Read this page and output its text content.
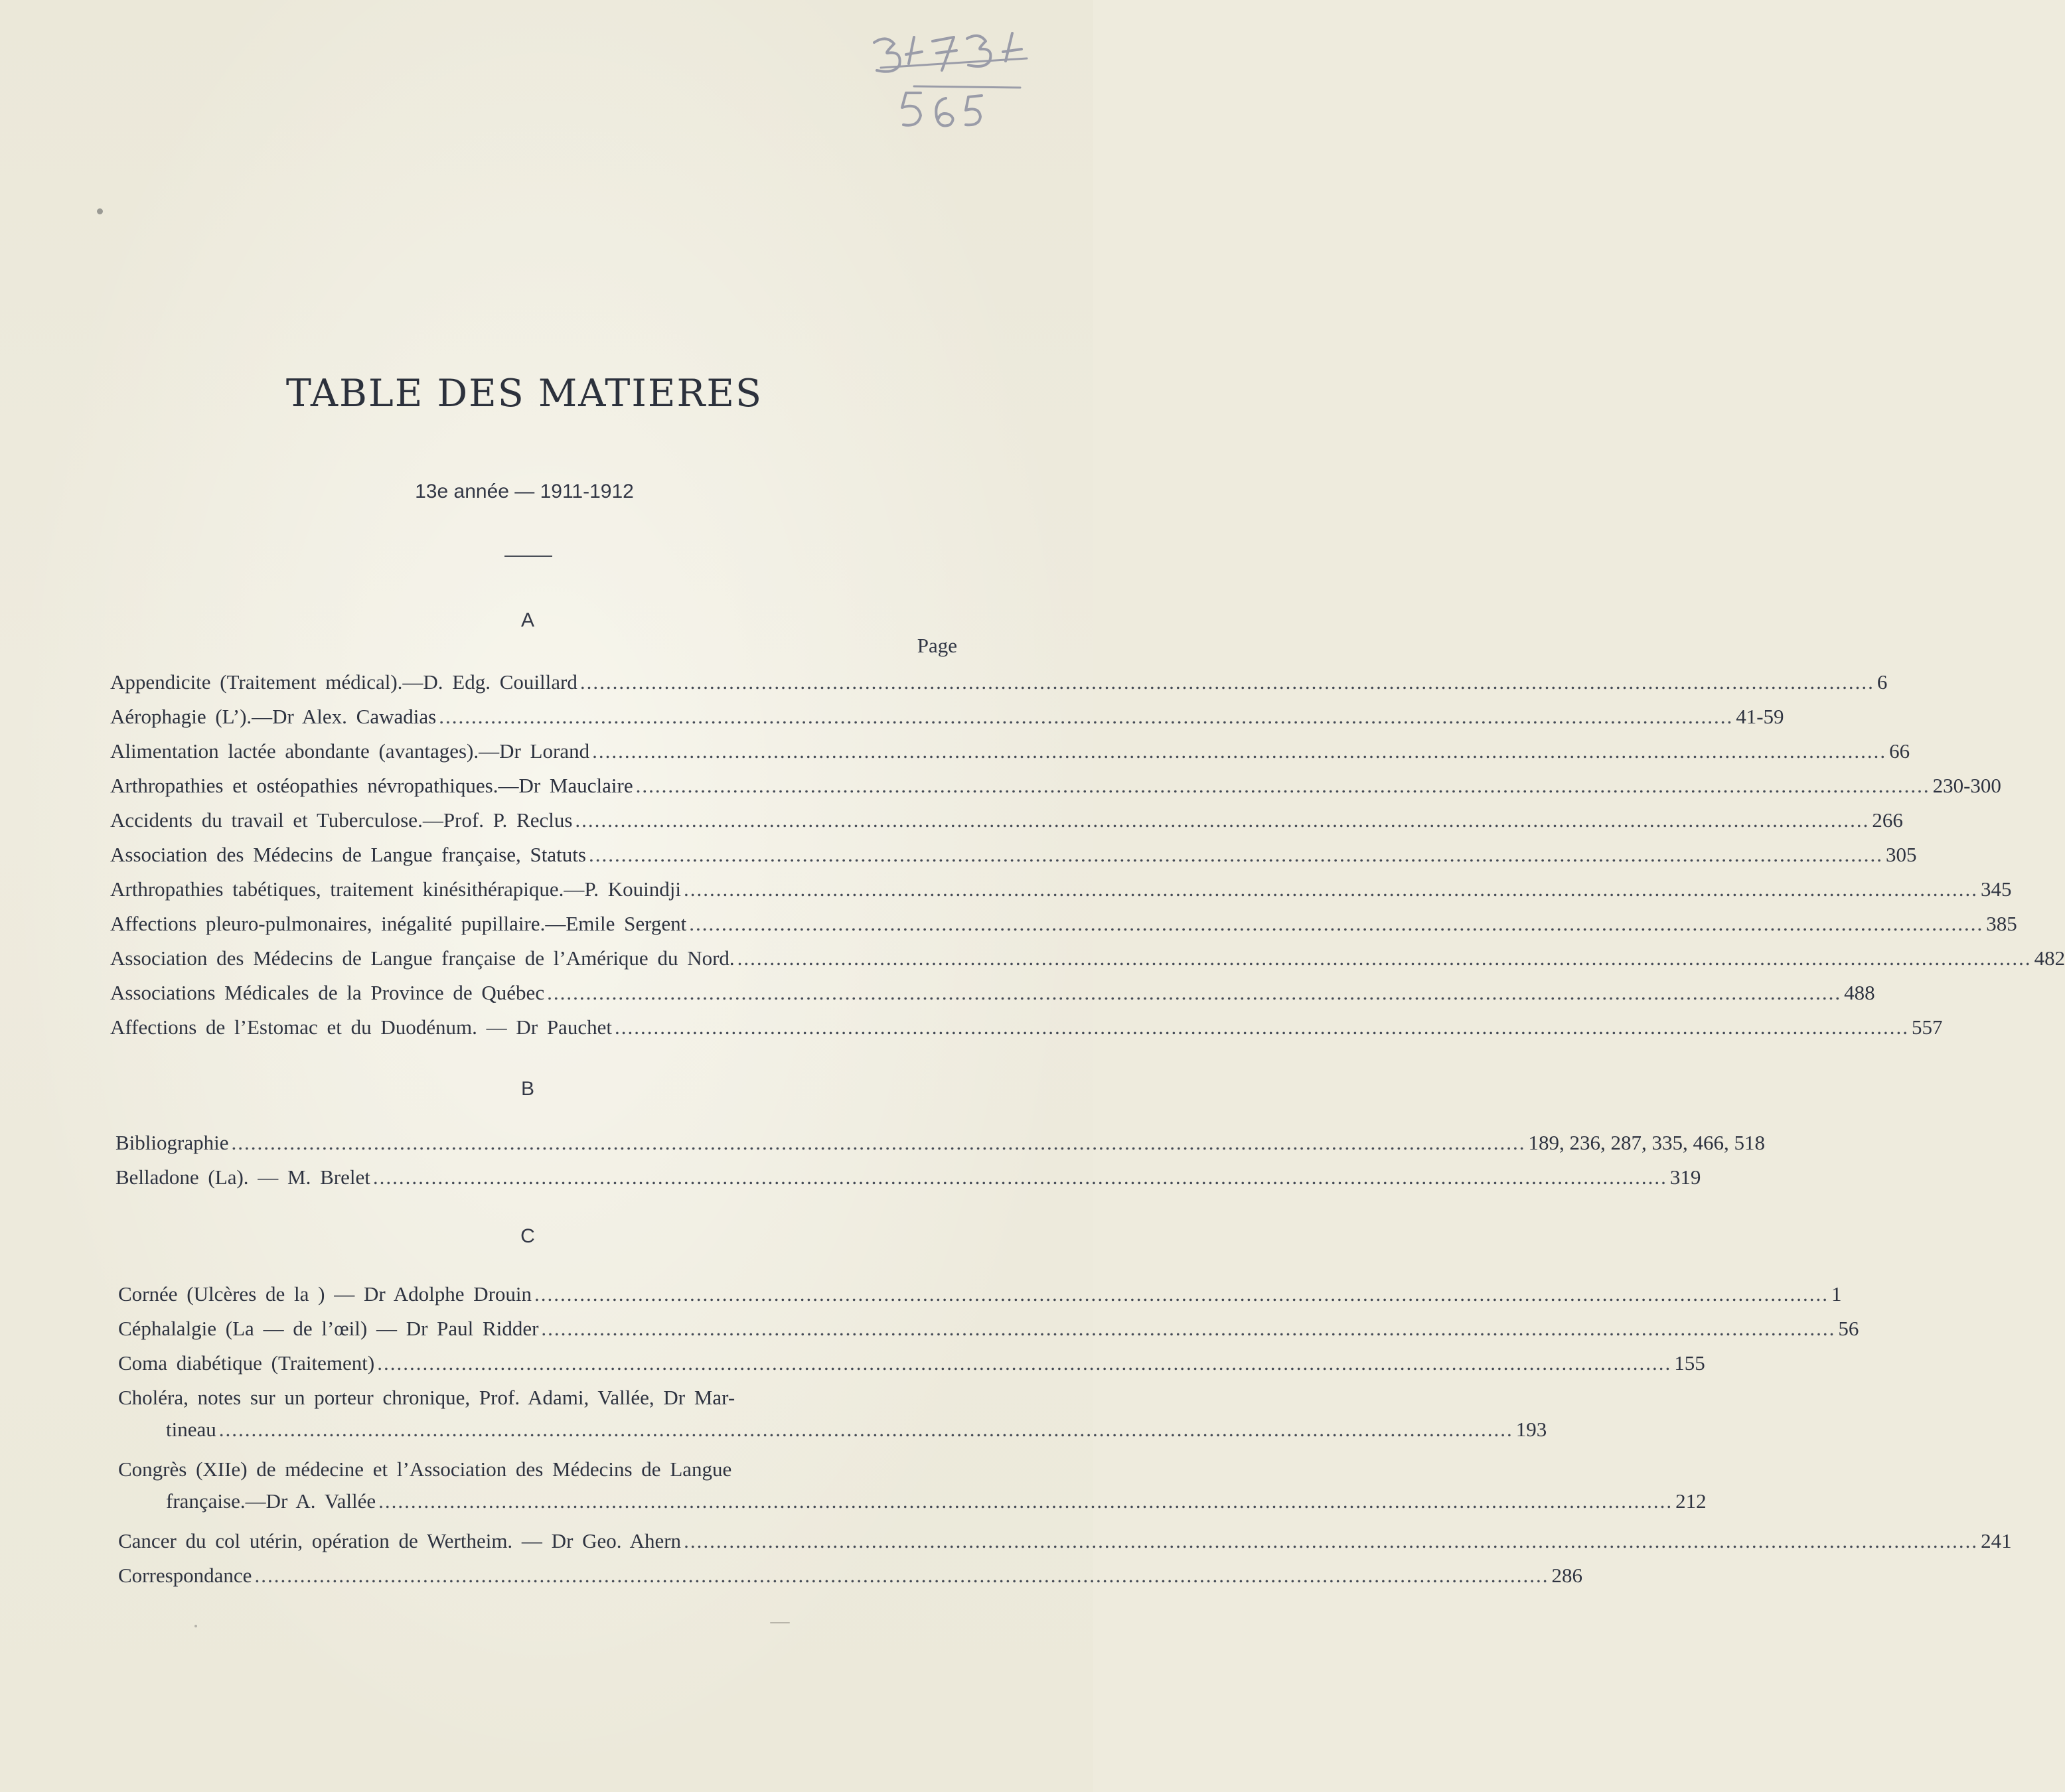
TABLE DES MATIERES
13e année — 1911-1912
A
Page
Appendicite (Traitement médical).—D. Edg. Couillard ........................................................................................................................................................................................................ 6
Aérophagie (L’).—Dr Alex. Cawadias ........................................................................................................................................................................................................ 41-59
Alimentation lactée abondante (avantages).—Dr Lorand ........................................................................................................................................................................................................ 66
Arthropathies et ostéopathies névropathiques.—Dr Mauclaire ........................................................................................................................................................................................................ 230-300
Accidents du travail et Tuberculose.—Prof. P. Reclus ........................................................................................................................................................................................................ 266
Association des Médecins de Langue française, Statuts ........................................................................................................................................................................................................ 305
Arthropathies tabétiques, traitement kinésithérapique.—P. Kouindji ........................................................................................................................................................................................................ 345
Affections pleuro-pulmonaires, inégalité pupillaire.—Emile Sergent ........................................................................................................................................................................................................ 385
Association des Médecins de Langue française de l’Amérique du Nord. ........................................................................................................................................................................................................ 482
Associations Médicales de la Province de Québec ........................................................................................................................................................................................................ 488
Affections de l’Estomac et du Duodénum. — Dr Pauchet ........................................................................................................................................................................................................ 557
B
Bibliographie ........................................................................................................................................................................................................ 189, 236, 287, 335, 466, 518
Belladone (La). — M. Brelet ........................................................................................................................................................................................................ 319
C
Cornée (Ulcères de la ) — Dr Adolphe Drouin ........................................................................................................................................................................................................ 1
Céphalalgie (La — de l’œil) — Dr Paul Ridder ........................................................................................................................................................................................................ 56
Coma diabétique (Traitement) ........................................................................................................................................................................................................ 155
Choléra, notes sur un porteur chronique, Prof. Adami, Vallée, Dr Mar-
tineau ........................................................................................................................................................................................................ 193
Congrès (XIIe) de médecine et l’Association des Médecins de Langue
française.—Dr A. Vallée ........................................................................................................................................................................................................ 212
Cancer du col utérin, opération de Wertheim. — Dr Geo. Ahern ........................................................................................................................................................................................................ 241
Correspondance ........................................................................................................................................................................................................ 286
